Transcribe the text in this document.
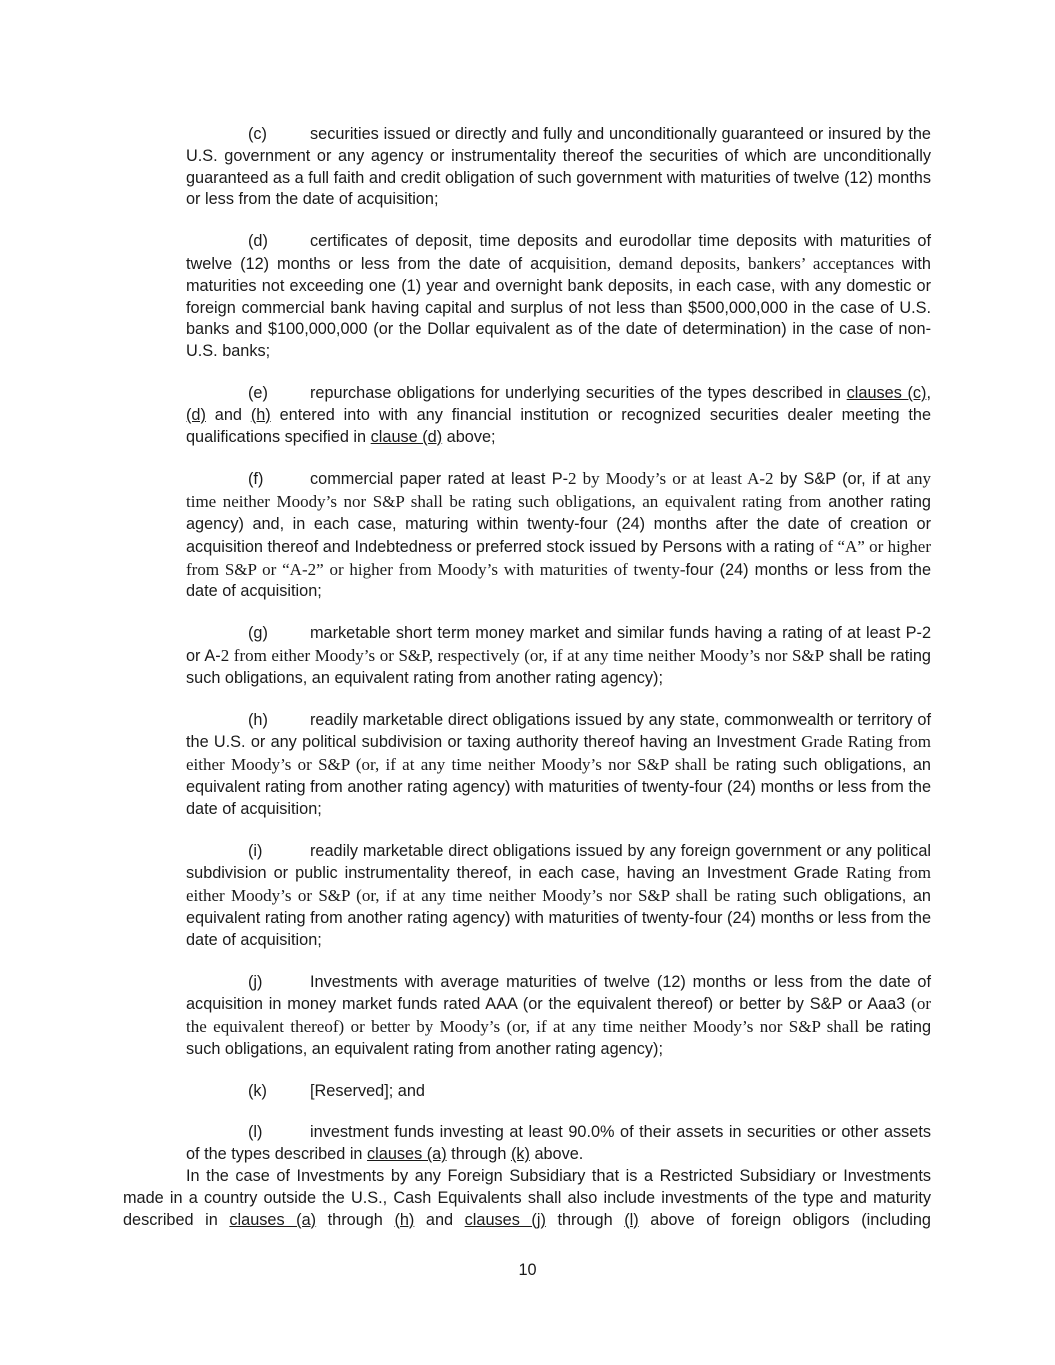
(c)	securities issued or directly and fully and unconditionally guaranteed or insured by the U.S. government or any agency or instrumentality thereof the securities of which are unconditionally guaranteed as a full faith and credit obligation of such government with maturities of twelve (12) months or less from the date of acquisition;

(d)	certificates of deposit, time deposits and eurodollar time deposits with maturities of twelve (12) months or less from the date of acquisition, demand deposits, bankers’ acceptances with maturities not exceeding one (1) year and overnight bank deposits, in each case, with any domestic or foreign commercial bank having capital and surplus of not less than $500,000,000 in the case of U.S. banks and $100,000,000 (or the Dollar equivalent as of the date of determination) in the case of non-U.S. banks;

(e)	repurchase obligations for underlying securities of the types described in clauses (c), (d) and (h) entered into with any financial institution or recognized securities dealer meeting the qualifications specified in clause (d) above;

(f)	commercial paper rated at least P-2 by Moody’s or at least A-2 by S&P (or, if at any time neither Moody’s nor S&P shall be rating such obligations, an equivalent rating from another rating agency) and, in each case, maturing within twenty-four (24) months after the date of creation or acquisition thereof and Indebtedness or preferred stock issued by Persons with a rating of “A” or higher from S&P or “A-2” or higher from Moody’s with maturities of twenty-four (24) months or less from the date of acquisition;

(g)	marketable short term money market and similar funds having a rating of at least P-2 or A-2 from either Moody’s or S&P, respectively (or, if at any time neither Moody’s nor S&P shall be rating such obligations, an equivalent rating from another rating agency);

(h)	readily marketable direct obligations issued by any state, commonwealth or territory of the U.S. or any political subdivision or taxing authority thereof having an Investment Grade Rating from either Moody’s or S&P (or, if at any time neither Moody’s nor S&P shall be rating such obligations, an equivalent rating from another rating agency) with maturities of twenty-four (24) months or less from the date of acquisition;

(i)	readily marketable direct obligations issued by any foreign government or any political subdivision or public instrumentality thereof, in each case, having an Investment Grade Rating from either Moody’s or S&P (or, if at any time neither Moody’s nor S&P shall be rating such obligations, an equivalent rating from another rating agency) with maturities of twenty-four (24) months or less from the date of acquisition;

(j)	Investments with average maturities of twelve (12) months or less from the date of acquisition in money market funds rated AAA (or the equivalent thereof) or better by S&P or Aaa3 (or the equivalent thereof) or better by Moody’s (or, if at any time neither Moody’s nor S&P shall be rating such obligations, an equivalent rating from another rating agency);

(k)	[Reserved]; and

(l)	investment funds investing at least 90.0% of their assets in securities or other assets of the types described in clauses (a) through (k) above.

In the case of Investments by any Foreign Subsidiary that is a Restricted Subsidiary or Investments made in a country outside the U.S., Cash Equivalents shall also include investments of the type and maturity described in clauses (a) through (h) and clauses (j) through (l) above of foreign obligors (including

10
